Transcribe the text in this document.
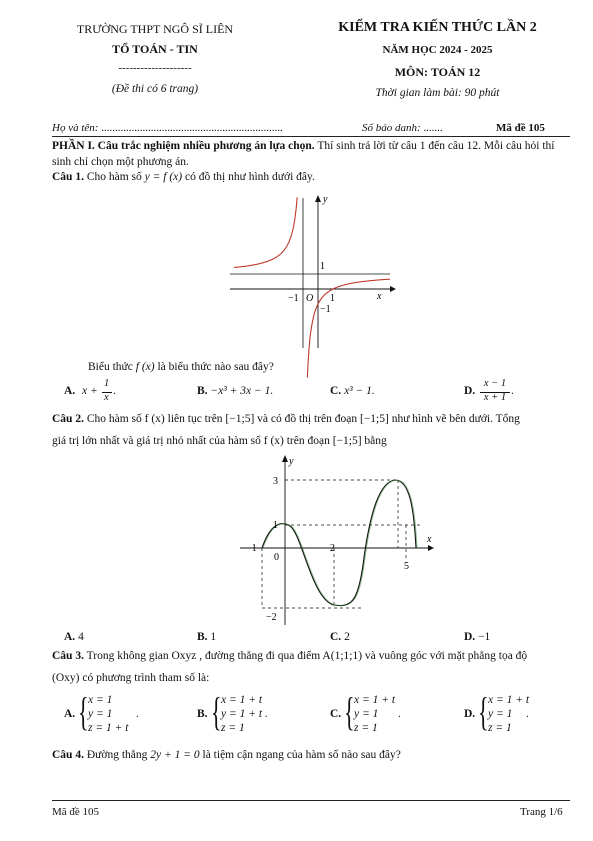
TRƯỜNG THPT NGÔ SĨ LIÊN
TỔ TOÁN - TIN
--------------------
(Đề thi có 6 trang)
KIỂM TRA KIẾN THỨC LẦN 2
NĂM HỌC 2024 - 2025
MÔN: TOÁN 12
Thời gian làm bài: 90 phút
Họ và tên: ..................................................................	Số báo danh: .......	Mã đề 105
PHẦN I. Câu trắc nghiệm nhiều phương án lựa chọn. Thí sinh trả lời từ câu 1 đến câu 12. Mỗi câu hỏi thí sinh chỉ chọn một phương án.
Câu 1. Cho hàm số y = f (x) có đồ thị như hình dưới đây.
y
x
O
−1	1
1
−1
Biểu thức f (x) là biểu thức nào sau đây?
A. x +
1
x
.	B. −x³ + 3x − 1.	C. x³ − 1.	D.
x − 1
x + 1
.
Câu 2. Cho hàm số f (x) liên tục trên [−1;5] và có đồ thị trên đoạn [−1;5] như hình vẽ bên dưới. Tổng
giá trị lớn nhất và giá trị nhỏ nhất của hàm số f (x) trên đoạn [−1;5] bằng
y
x
0
3
1
−1	2
5
−2
A. 4	B. 1	C. 2	D. −1
Câu 3. Trong không gian Oxyz , đường thẳng đi qua điểm A(1;1;1) và vuông góc với mặt phẳng tọa độ
(Oxy) có phương trình tham số là:
A. { x = 1
y = 1
z = 1 + t
.	B. { x = 1 + t
y = 1 + t .
z = 1
C. { x = 1 + t
y = 1
z = 1
.	D. { x = 1 + t
y = 1
z = 1
.
Câu 4. Đường thẳng 2y + 1 = 0 là tiệm cận ngang của hàm số nào sau đây?
Mã đề 105	Trang 1/6
